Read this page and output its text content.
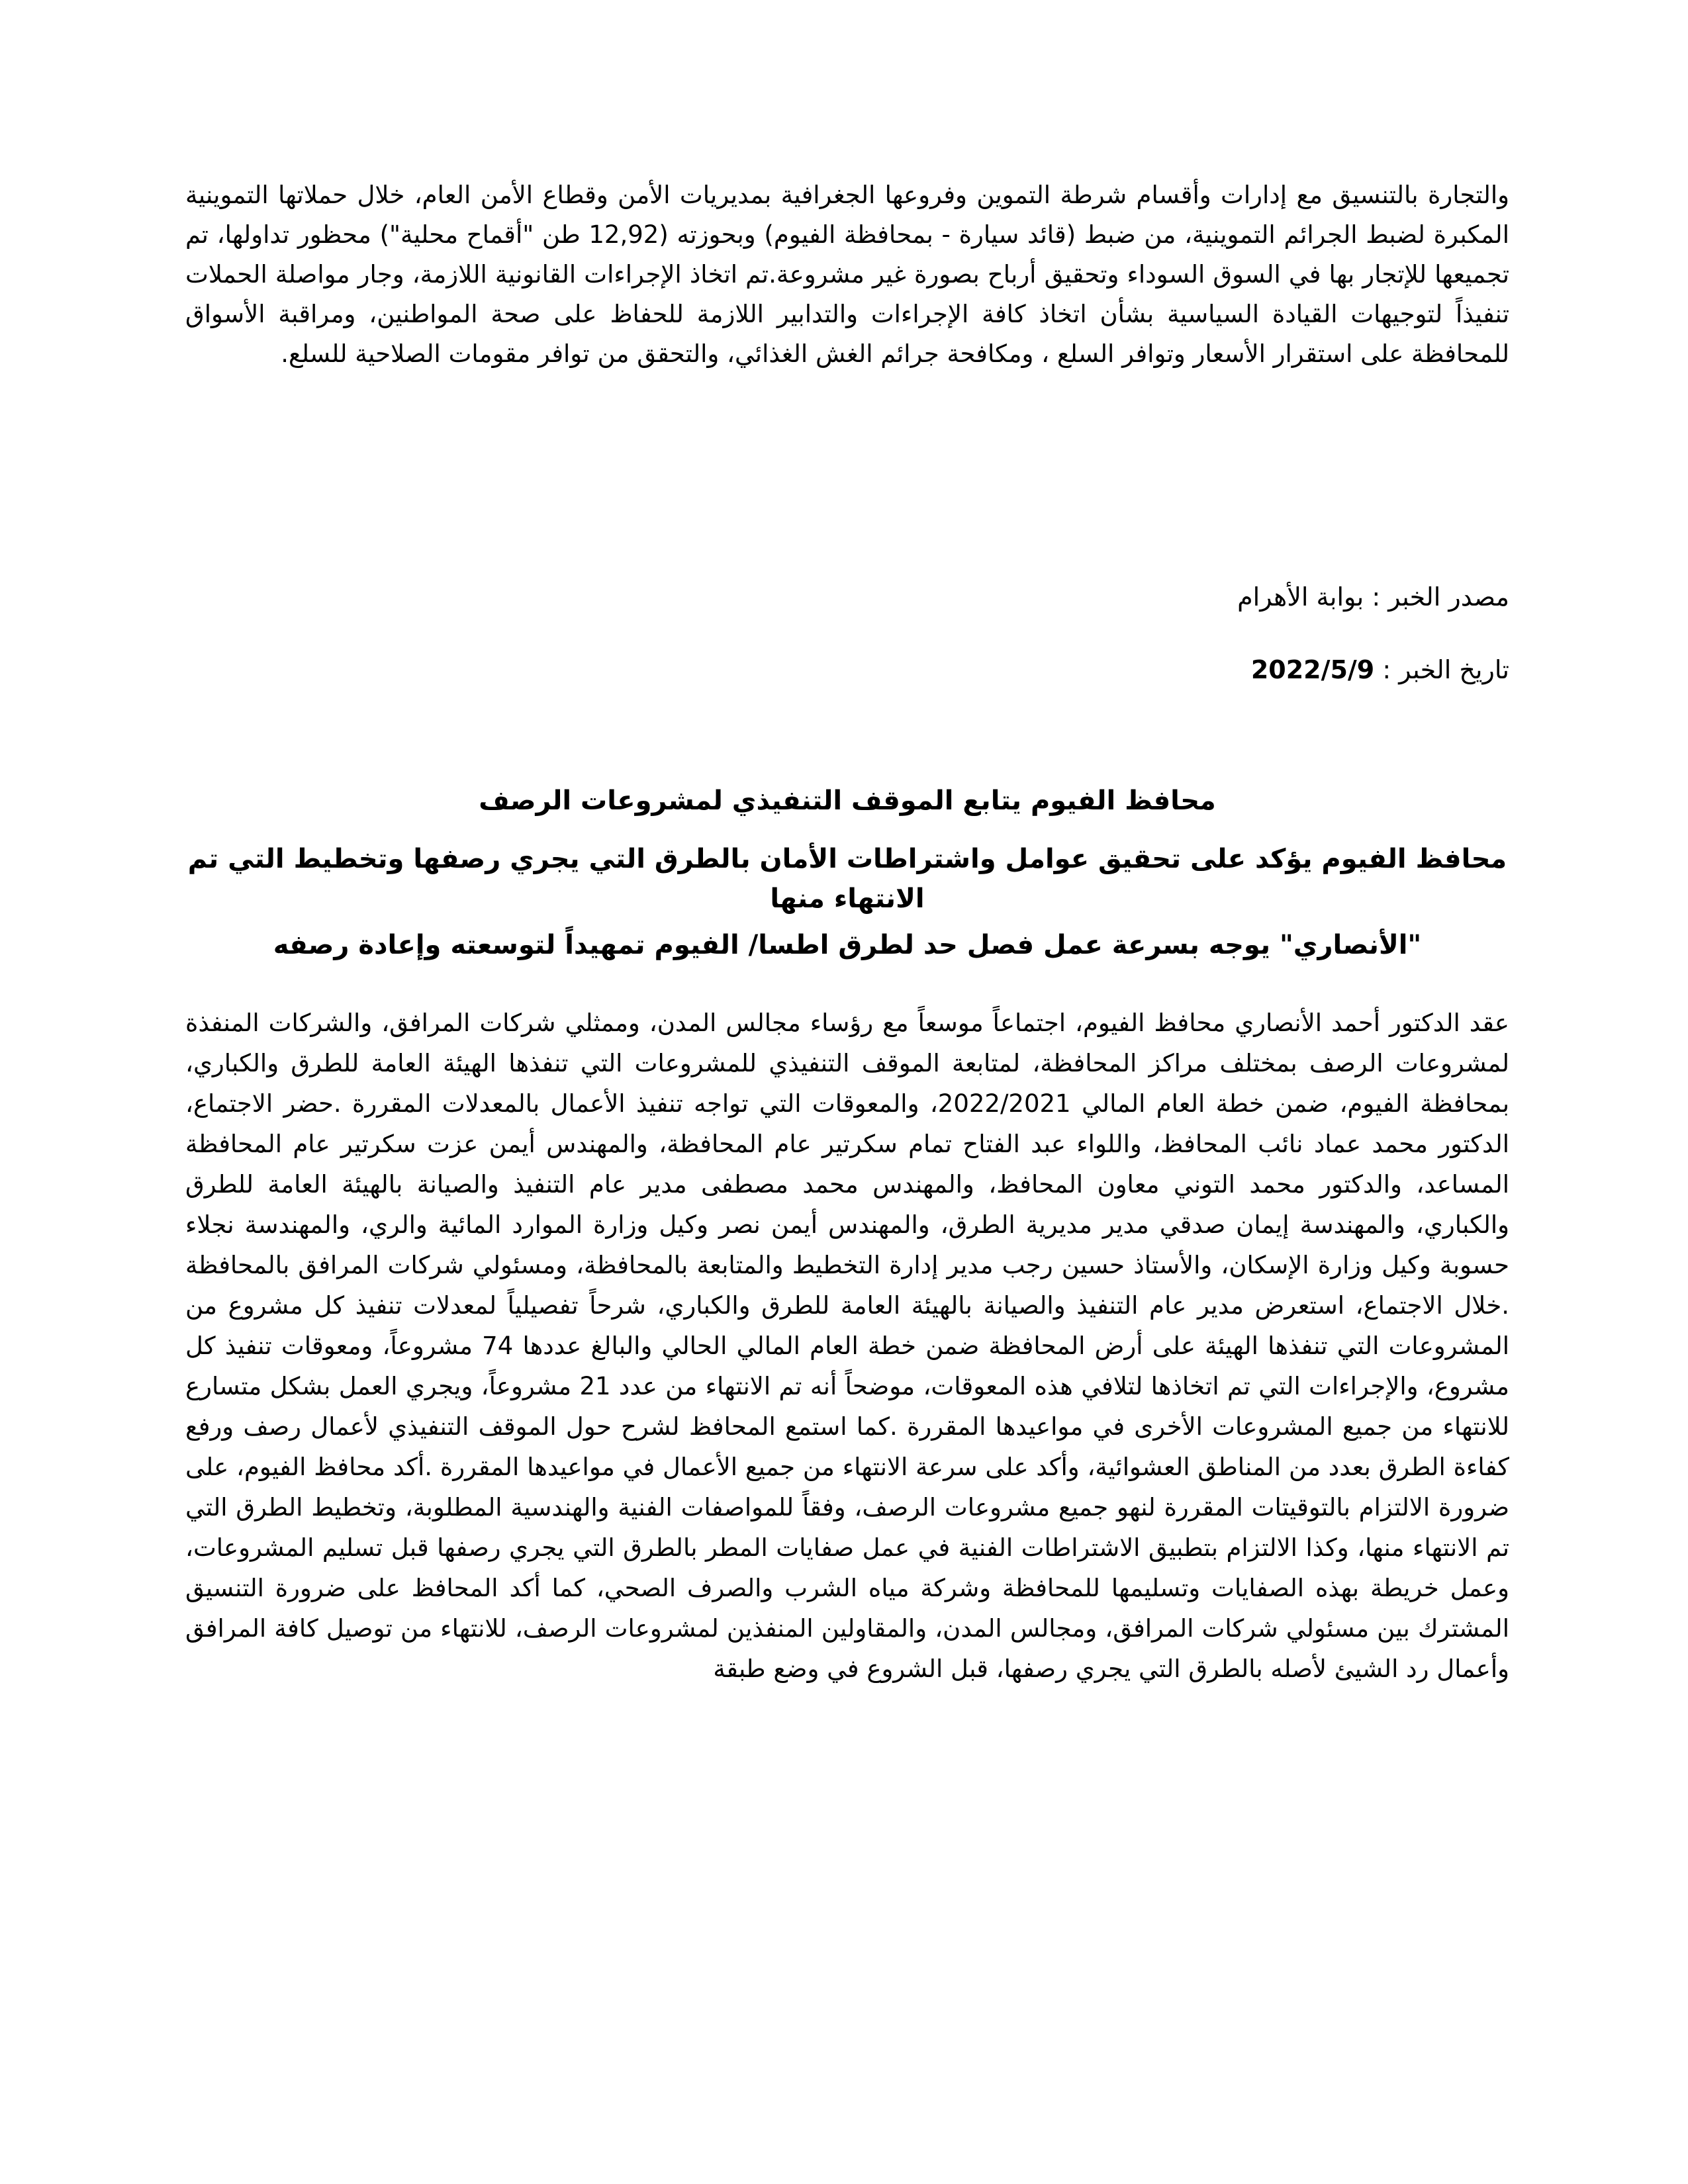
والتجارة بالتنسيق مع إدارات وأقسام شرطة التموين وفروعها الجغرافية بمديريات الأمن وقطاع الأمن العام، خلال حملاتها التموينية المكبرة لضبط الجرائم التموينية، من ضبط (قائد سيارة - بمحافظة الفيوم) وبحوزته (12,92 طن "أقماح محلية") محظور تداولها، تم تجميعها للإتجار بها في السوق السوداء وتحقيق أرباح بصورة غير مشروعة.تم اتخاذ الإجراءات القانونية اللازمة، وجار مواصلة الحملات تنفيذاً لتوجيهات القيادة السياسية بشأن اتخاذ كافة الإجراءات والتدابير اللازمة للحفاظ على صحة المواطنين، ومراقبة الأسواق للمحافظة على استقرار الأسعار وتوافر السلع ، ومكافحة جرائم الغش الغذائي، والتحقق من توافر مقومات الصلاحية للسلع.
مصدر الخبر : بوابة الأهرام
تاريخ الخبر : 2022/5/9
محافظ الفيوم يتابع الموقف التنفيذي لمشروعات الرصف
محافظ الفيوم يؤكد على تحقيق عوامل واشتراطات الأمان بالطرق التي يجري رصفها وتخطيط التي تم الانتهاء منها
"الأنصاري" يوجه بسرعة عمل فصل حد لطرق اطسا/ الفيوم تمهيداً لتوسعته وإعادة رصفه
عقد الدكتور أحمد الأنصاري محافظ الفيوم، اجتماعاً موسعاً مع رؤساء مجالس المدن، وممثلي شركات المرافق، والشركات المنفذة لمشروعات الرصف بمختلف مراكز المحافظة، لمتابعة الموقف التنفيذي للمشروعات التي تنفذها الهيئة العامة للطرق والكباري، بمحافظة الفيوم، ضمن خطة العام المالي 2022/2021، والمعوقات التي تواجه تنفيذ الأعمال بالمعدلات المقررة .حضر الاجتماع، الدكتور محمد عماد نائب المحافظ، واللواء عبد الفتاح تمام سكرتير عام المحافظة، والمهندس أيمن عزت سكرتير عام المحافظة المساعد، والدكتور محمد التوني معاون المحافظ، والمهندس محمد مصطفى مدير عام التنفيذ والصيانة بالهيئة العامة للطرق والكباري، والمهندسة إيمان صدقي مدير مديرية الطرق، والمهندس أيمن نصر وكيل وزارة الموارد المائية والري، والمهندسة نجلاء حسوبة وكيل وزارة الإسكان، والأستاذ حسين رجب مدير إدارة التخطيط والمتابعة بالمحافظة، ومسئولي شركات المرافق بالمحافظة .خلال الاجتماع، استعرض مدير عام التنفيذ والصيانة بالهيئة العامة للطرق والكباري، شرحاً تفصيلياً لمعدلات تنفيذ كل مشروع من المشروعات التي تنفذها الهيئة على أرض المحافظة ضمن خطة العام المالي الحالي والبالغ عددها 74 مشروعاً، ومعوقات تنفيذ كل مشروع، والإجراءات التي تم اتخاذها لتلافي هذه المعوقات، موضحاً أنه تم الانتهاء من عدد 21 مشروعاً، ويجري العمل بشكل متسارع للانتهاء من جميع المشروعات الأخرى في مواعيدها المقررة .كما استمع المحافظ لشرح حول الموقف التنفيذي لأعمال رصف ورفع كفاءة الطرق بعدد من المناطق العشوائية، وأكد على سرعة الانتهاء من جميع الأعمال في مواعيدها المقررة .أكد محافظ الفيوم، على ضرورة الالتزام بالتوقيتات المقررة لنهو جميع مشروعات الرصف، وفقاً للمواصفات الفنية والهندسية المطلوبة، وتخطيط الطرق التي تم الانتهاء منها، وكذا الالتزام بتطبيق الاشتراطات الفنية في عمل صفايات المطر بالطرق التي يجري رصفها قبل تسليم المشروعات، وعمل خريطة بهذه الصفايات وتسليمها للمحافظة وشركة مياه الشرب والصرف الصحي، كما أكد المحافظ على ضرورة التنسيق المشترك بين مسئولي شركات المرافق، ومجالس المدن، والمقاولين المنفذين لمشروعات الرصف، للانتهاء من توصيل كافة المرافق وأعمال رد الشيئ لأصله بالطرق التي يجري رصفها، قبل الشروع في وضع طبقة
